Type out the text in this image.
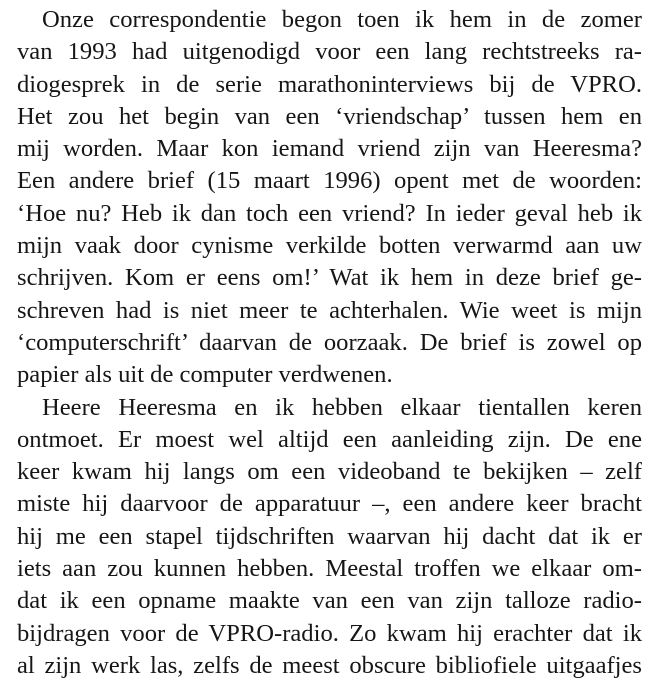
Onze correspondentie begon toen ik hem in de zomer
van 1993 had uitgenodigd voor een lang rechtstreeks ra-
diogesprek in de serie marathoninterviews bij de VPRO.
Het zou het begin van een ‘vriendschap’ tussen hem en
mij worden. Maar kon iemand vriend zijn van Heeresma?
Een andere brief (15 maart 1996) opent met de woorden:
‘Hoe nu? Heb ik dan toch een vriend? In ieder geval heb ik
mijn vaak door cynisme verkilde botten verwarmd aan uw
schrijven. Kom er eens om!’ Wat ik hem in deze brief ge-
schreven had is niet meer te achterhalen. Wie weet is mijn
‘computerschrift’ daarvan de oorzaak. De brief is zowel op
papier als uit de computer verdwenen.
Heere Heeresma en ik hebben elkaar tientallen keren
ontmoet. Er moest wel altijd een aanleiding zijn. De ene
keer kwam hij langs om een videoband te bekijken – zelf
miste hij daarvoor de apparatuur –, een andere keer bracht
hij me een stapel tijdschriften waarvan hij dacht dat ik er
iets aan zou kunnen hebben. Meestal troffen we elkaar om-
dat ik een opname maakte van een van zijn talloze radio-
bijdragen voor de VPRO-radio. Zo kwam hij erachter dat ik
al zijn werk las, zelfs de meest obscure bibliofiele uitgaafjes
